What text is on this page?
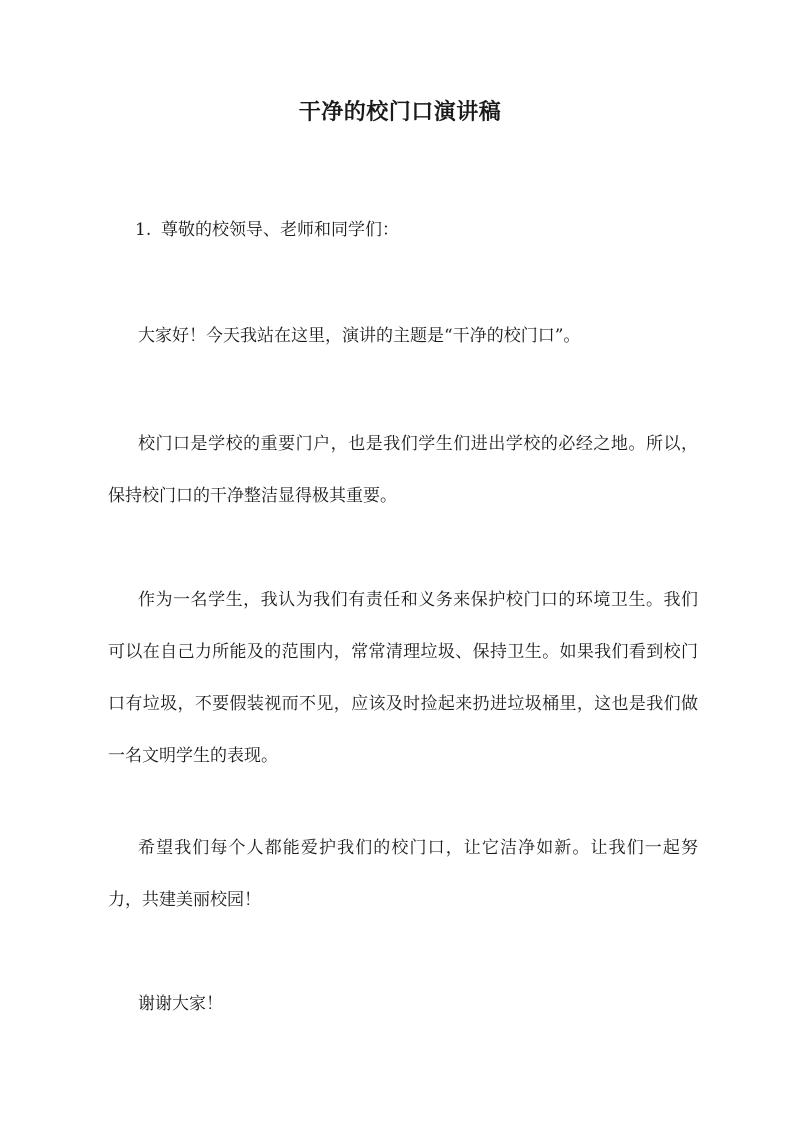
干净的校门口演讲稿

1. 尊敬的校领导、老师和同学们：

大家好！今天我站在这里，演讲的主题是“干净的校门口”。

校门口是学校的重要门户，也是我们学生们进出学校的必经之地。所以，保持校门口的干净整洁显得极其重要。

作为一名学生，我认为我们有责任和义务来保护校门口的环境卫生。我们可以在自己力所能及的范围内，常常清理垃圾、保持卫生。如果我们看到校门口有垃圾，不要假装视而不见，应该及时捡起来扔进垃圾桶里，这也是我们做一名文明学生的表现。

希望我们每个人都能爱护我们的校门口，让它洁净如新。让我们一起努力，共建美丽校园！

谢谢大家！
